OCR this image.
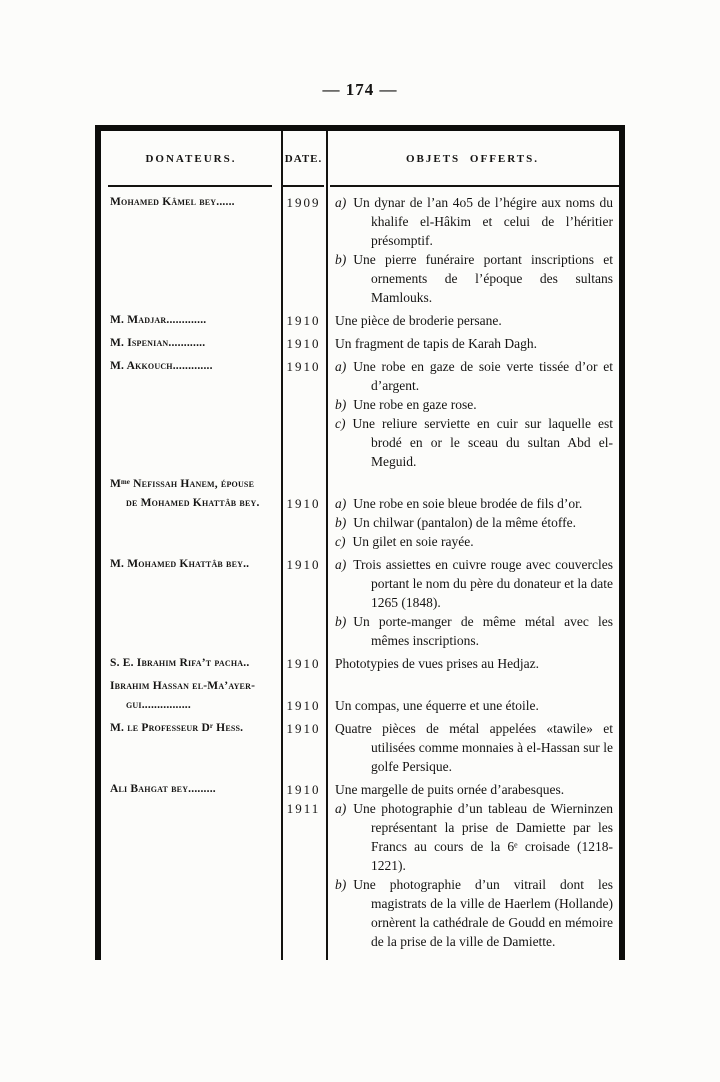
— 174 —
DONATEURS.	DATE.	OBJETS OFFERTS.
Mohamed Kâmel bey......	1909	a) Un dynar de l’an 4o5 de l’hégire aux noms du khalife el-Hâkim et celui de l’héritier présomptif.

b) Une pierre funéraire portant inscriptions et ornements de l’époque des sultans Mamlouks.

M. Madjar.............	1910	Une pièce de broderie persane.

M. Ispenian............	1910	Un fragment de tapis de Karah Dagh.

M. Akkouch.............	1910	a) Une robe en gaze de soie verte tissée d’or et d’argent.

b) Une robe en gaze rose.

c) Une reliure serviette en cuir sur laquelle est brodé en or le sceau du sultan Abd el-Meguid.

Mᵐᵉ Nefissah Hanem, épouse
de Mohamed Khattâb bey.	1910	a) Une robe en soie bleue brodée de fils d’or.

b) Un chilwar (pantalon) de la même étoffe.

c) Un gilet en soie rayée.

M. Mohamed Khattâb bey..	1910	a) Trois assiettes en cuivre rouge avec couvercles portant le nom du père du donateur et la date 1265 (1848).

b) Un porte-manger de même métal avec les mêmes inscriptions.

S. E. Ibrahim Rifa’t pacha..	1910	Phototypies de vues prises au Hedjaz.

Ibrahim Hassan el-Ma’ayer-
gui................	1910	Un compas, une équerre et une étoile.

M. le Professeur Dʳ Hess.	1910	Quatre pièces de métal appelées «tawile» et utilisées comme monnaies à el-Hassan sur le golfe Persique.

Ali Bahgat bey.........	1910	Une margelle de puits ornée d’arabesques.

1911	a) Une photographie d’un tableau de Wierninzen représentant la prise de Damiette par les Francs au cours de la 6ᵉ croisade (1218-1221).

b) Une photographie d’un vitrail dont les magistrats de la ville de Haerlem (Hollande) ornèrent la cathédrale de Goudd en mémoire de la prise de la ville de Damiette.
